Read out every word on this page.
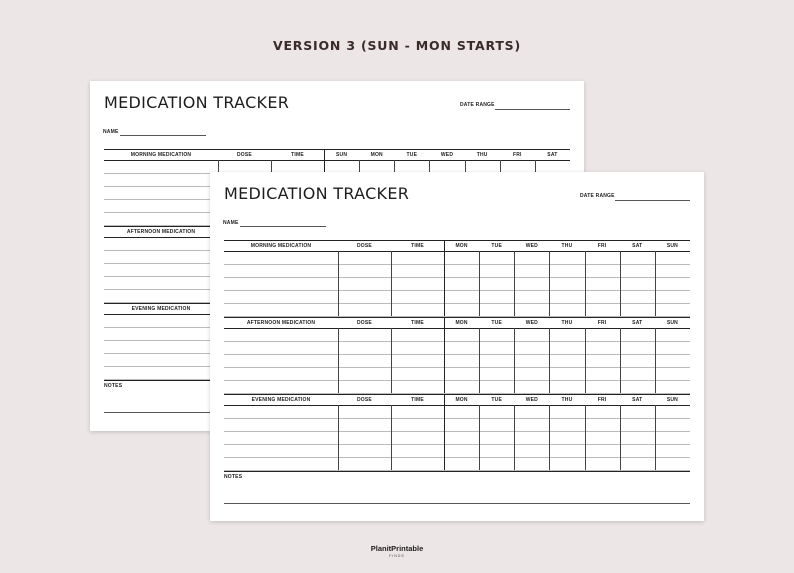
VERSION 3 (SUN - MON STARTS)
MEDICATION TRACKER	DATE RANGE
NAME
MORNING MEDICATION	DOSE	TIME	SUN	MON	TUE	WED	THU	FRI	SAT
AFTERNOON MEDICATION
EVENING MEDICATION
NOTES
MEDICATION TRACKER	DATE RANGE
NAME
MORNING MEDICATION	DOSE	TIME	MON	TUE	WED	THU	FRI	SAT	SUN
AFTERNOON MEDICATION	DOSE	TIME	MON	TUE	WED	THU	FRI	SAT	SUN
EVENING MEDICATION	DOSE	TIME	MON	TUE	WED	THU	FRI	SAT	SUN
NOTES
PlanitPrintable
FINDS
